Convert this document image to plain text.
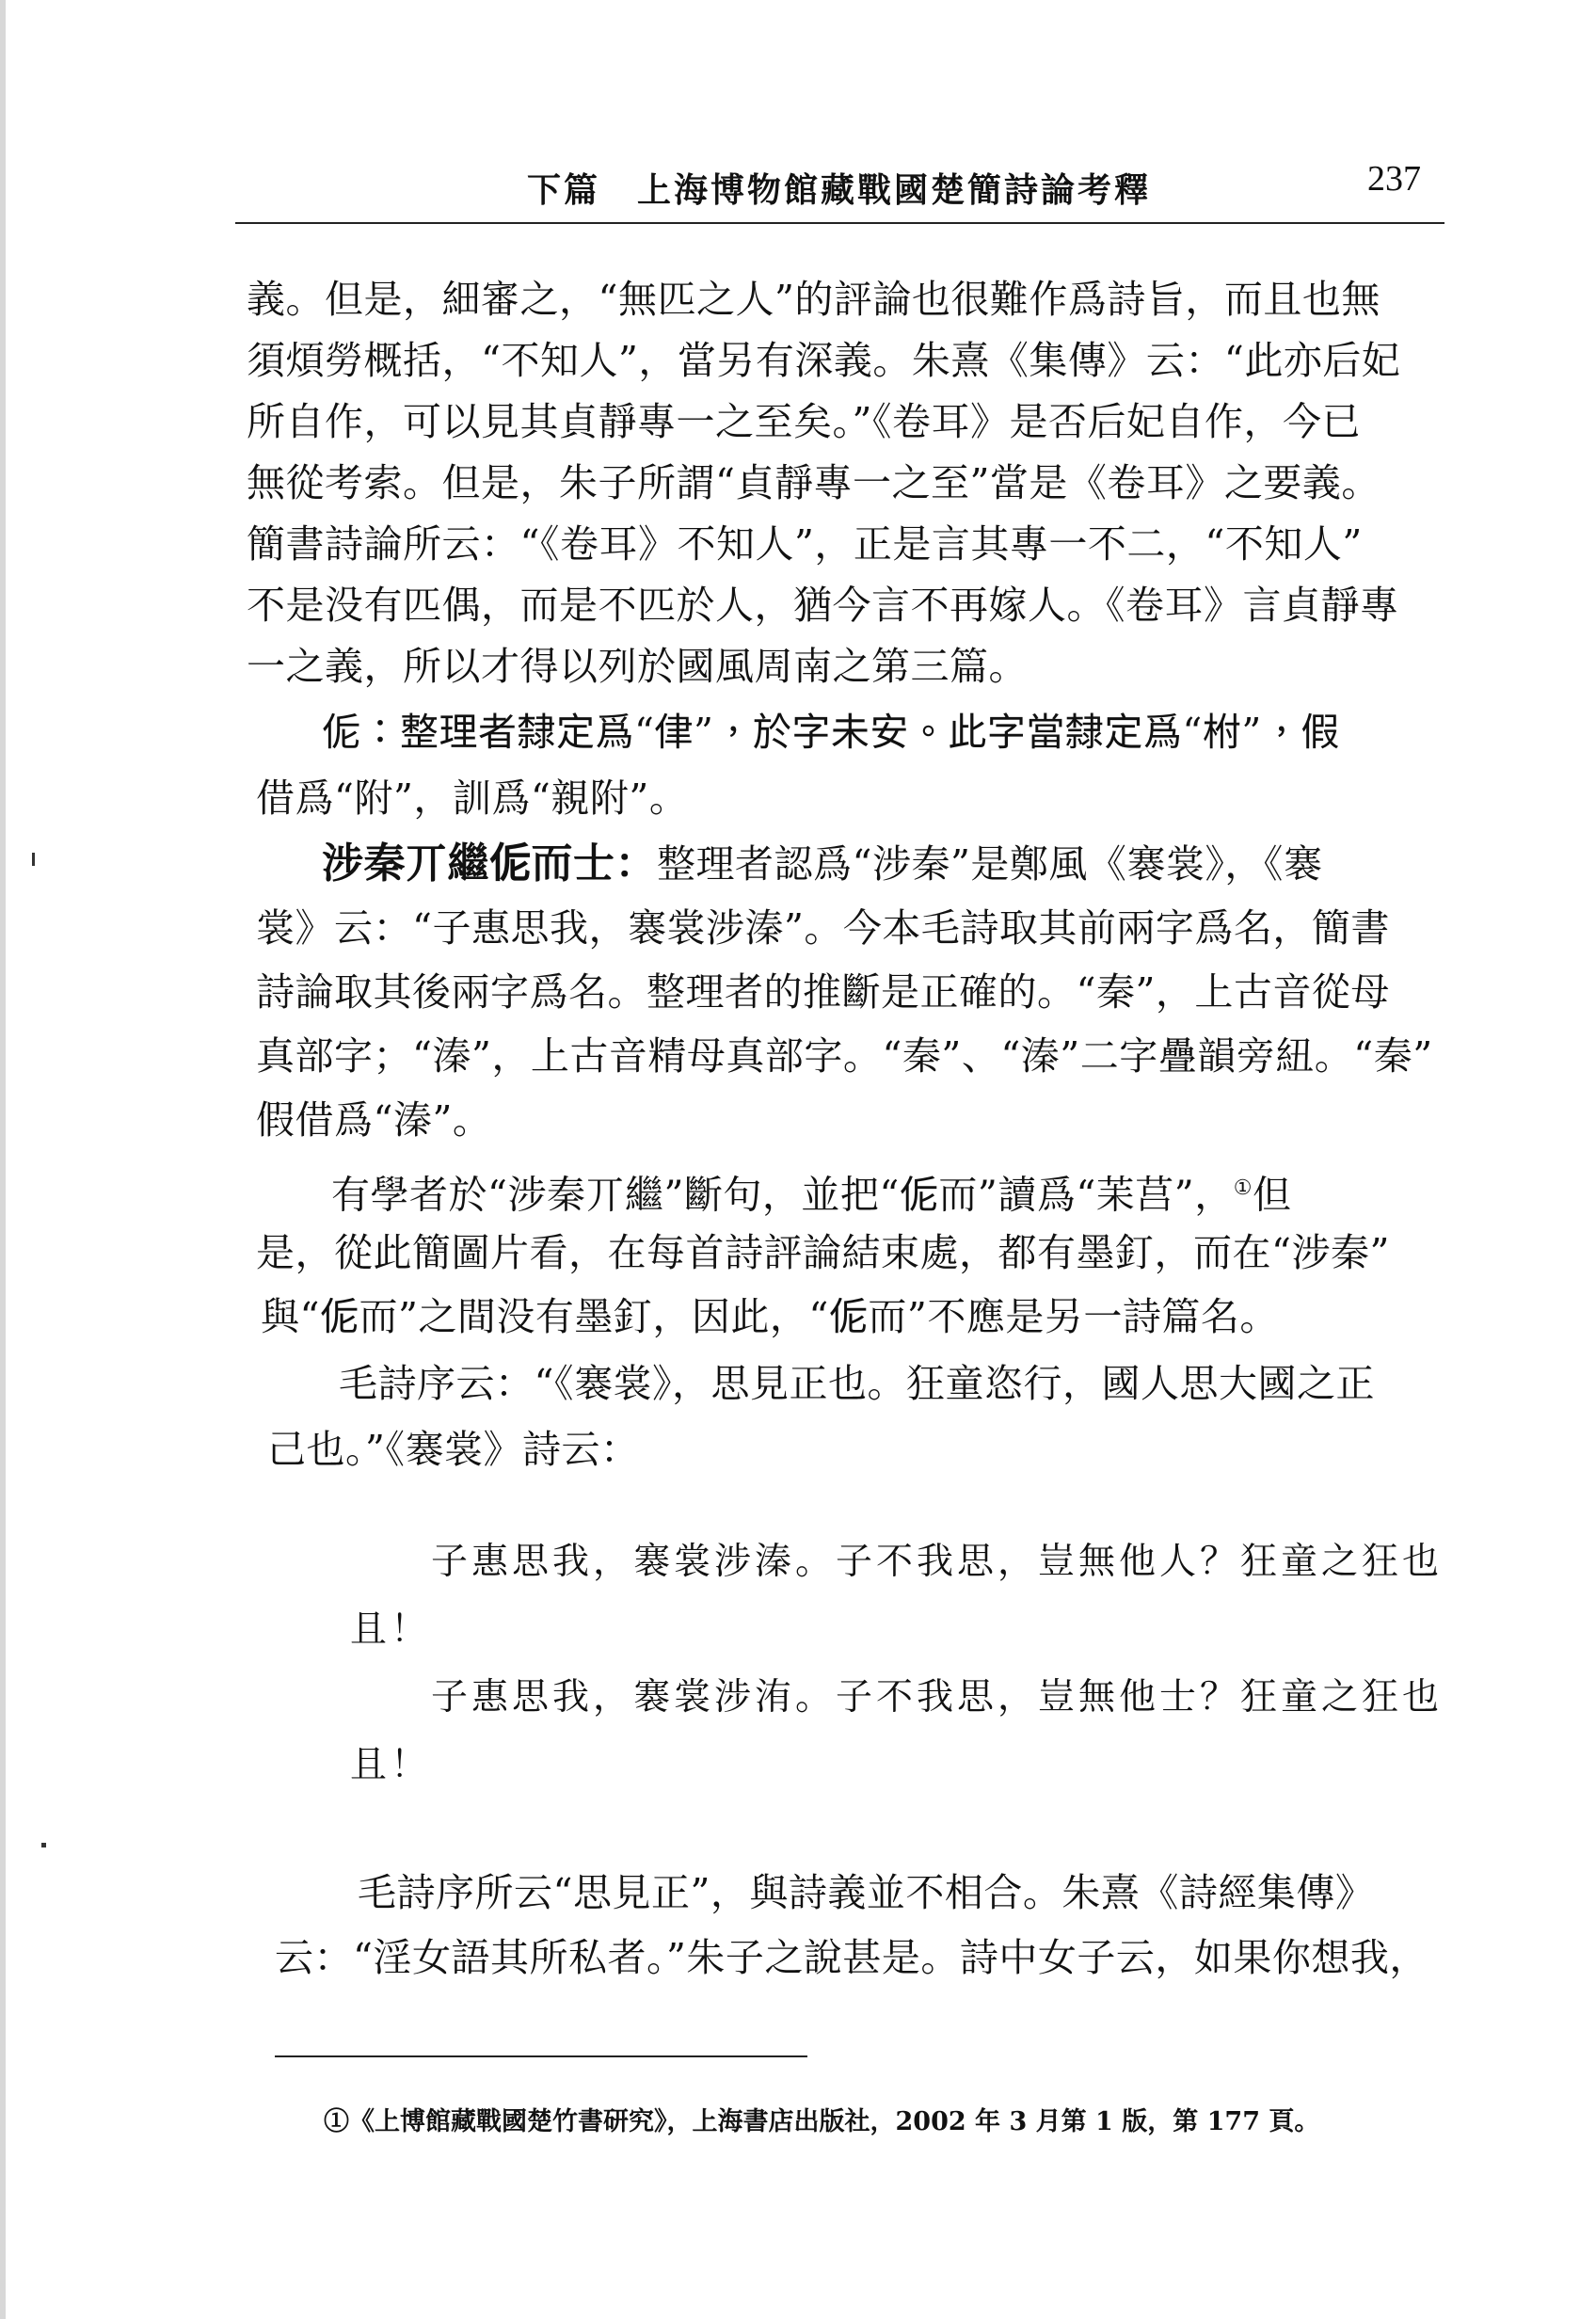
下篇　上海博物館藏戰國楚簡詩論考釋	237
義。但是，細審之，“無匹之人”的評論也很難作爲詩旨，而且也無
須煩勞概括，“不知人”，當另有深義。朱熹《集傳》云：“此亦后妃
所自作，可以見其貞靜專一之至矣。”《卷耳》是否后妃自作，今已
無從考索。但是，朱子所謂“貞靜專一之至”當是《卷耳》之要義。
簡書詩論所云：“《卷耳》不知人”，正是言其專一不二，“不知人”
不是没有匹偶，而是不匹於人，猶今言不再嫁人。《卷耳》言貞靜專
一之義，所以才得以列於國風周南之第三篇。
𠈁：整理者隸定爲“侓”，於字未安。此字當隸定爲“柎”，假
借爲“附”，訓爲“親附”。
涉秦丌繼𠈁而士：整理者認爲“涉秦”是鄭風《褰裳》，《褰
裳》云：“子惠思我，褰裳涉溱”。今本毛詩取其前兩字爲名，簡書
詩論取其後兩字爲名。整理者的推斷是正確的。“秦”，上古音從母
真部字；“溱”，上古音精母真部字。“秦”、“溱”二字疊韻旁紐。“秦”
假借爲“溱”。
有學者於“涉秦丌繼”斷句，並把“𠈁而”讀爲“苿莒”，①但
是，從此簡圖片看，在每首詩評論結束處，都有墨釘，而在“涉秦”
與“𠈁而”之間没有墨釘，因此，“𠈁而”不應是另一詩篇名。
毛詩序云：“《褰裳》，思見正也。狂童恣行，國人思大國之正
己也。”《褰裳》詩云：
子惠思我，褰裳涉溱。子不我思，豈無他人？狂童之狂也
且！
子惠思我，褰裳涉洧。子不我思，豈無他士？狂童之狂也
且！
毛詩序所云“思見正”，與詩義並不相合。朱熹《詩經集傳》
云：“淫女語其所私者。”朱子之說甚是。詩中女子云，如果你想我，
①《上博館藏戰國楚竹書研究》，上海書店出版社，2002 年 3 月第 1 版，第 177 頁。
